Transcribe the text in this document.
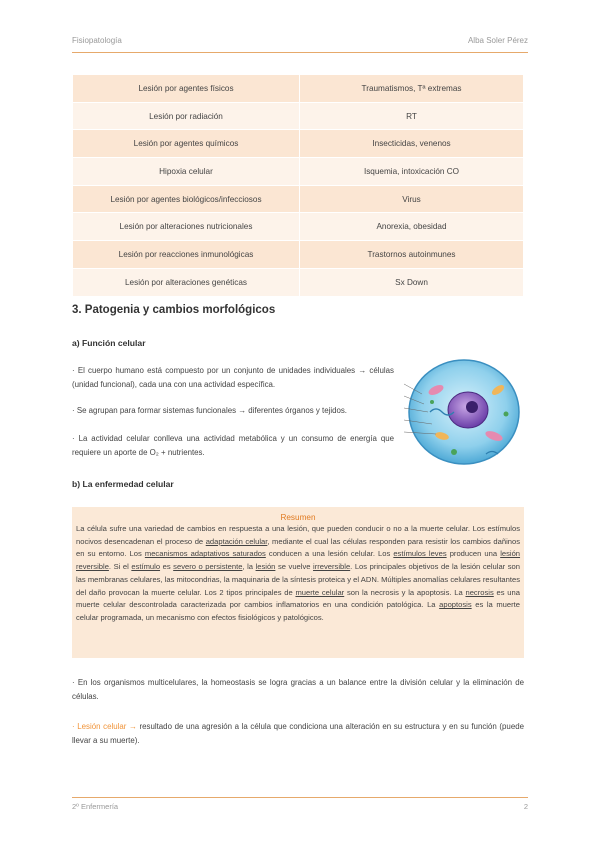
Fisiopatología	Alba Soler Pérez
Lesión por agentes físicos	Traumatismos, Tª extremas
Lesión por radiación	RT
Lesión por agentes químicos	Insecticidas, venenos
Hipoxia celular	Isquemia, intoxicación CO
Lesión por agentes biológicos/infecciosos	Virus
Lesión por alteraciones nutricionales	Anorexia, obesidad
Lesión por reacciones inmunológicas	Trastornos autoinmunes
Lesión por alteraciones genéticas	Sx Down
3. Patogenia y cambios morfológicos
a) Función celular
· El cuerpo humano está compuesto por un conjunto de unidades individuales → células (unidad funcional), cada una con una actividad específica.
· Se agrupan para formar sistemas funcionales → diferentes órganos y tejidos.
· La actividad celular conlleva una actividad metabólica y un consumo de energía que requiere un aporte de O₂ + nutrientes.
b) La enfermedad celular
Resumen
La célula sufre una variedad de cambios en respuesta a una lesión, que pueden conducir o no a la muerte celular. Los estímulos nocivos desencadenan el proceso de adaptación celular, mediante el cual las células responden para resistir los cambios dañinos en su entorno. Los mecanismos adaptativos saturados conducen a una lesión celular. Los estímulos leves producen una lesión reversible. Si el estímulo es severo o persistente, la lesión se vuelve irreversible. Los principales objetivos de la lesión celular son las membranas celulares, las mitocondrias, la maquinaria de la síntesis proteica y el ADN. Múltiples anomalías celulares resultantes del daño provocan la muerte celular. Los 2 tipos principales de muerte celular son la necrosis y la apoptosis. La necrosis es una muerte celular descontrolada caracterizada por cambios inflamatorios en una condición patológica. La apoptosis es la muerte celular programada, un mecanismo con efectos fisiológicos y patológicos.
· En los organismos multicelulares, la homeostasis se logra gracias a un balance entre la división celular y la eliminación de células.
· Lesión celular → resultado de una agresión a la célula que condiciona una alteración en su estructura y en su función (puede llevar a su muerte).
2º Enfermería	2
